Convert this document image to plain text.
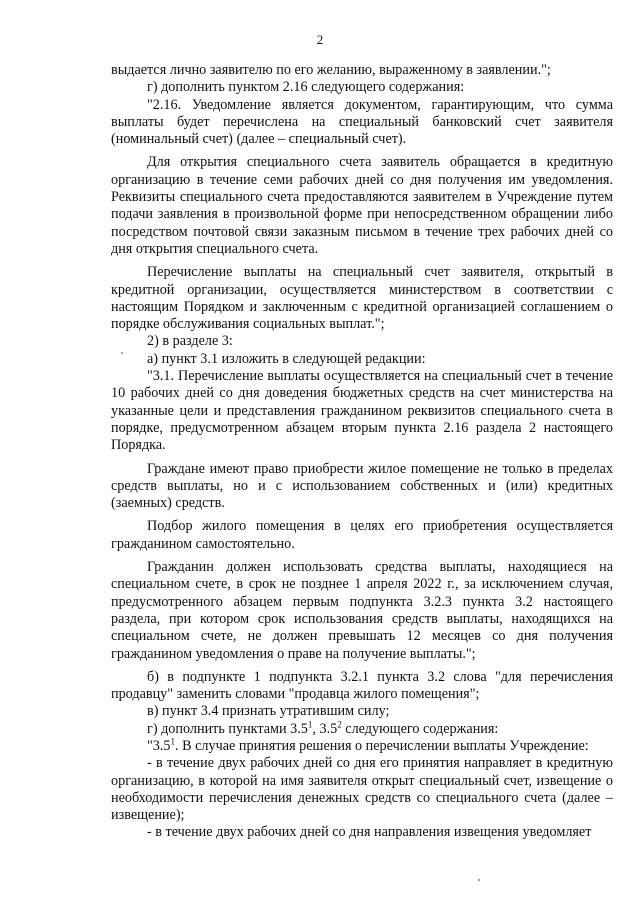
2

выдается лично заявителю по его желанию, выраженному в заявлении.";

г) дополнить пунктом 2.16 следующего содержания:

"2.16. Уведомление является документом, гарантирующим, что сумма выплаты будет перечислена на специальный банковский счет заявителя (номинальный счет) (далее – специальный счет).

Для открытия специального счета заявитель обращается в кредитную организацию в течение семи рабочих дней со дня получения им уведомления. Реквизиты специального счета предоставляются заявителем в Учреждение путем подачи заявления в произвольной форме при непосредственном обращении либо посредством почтовой связи заказным письмом в течение трех рабочих дней со дня открытия специального счета.

Перечисление выплаты на специальный счет заявителя, открытый в кредитной организации, осуществляется министерством в соответствии с настоящим Порядком и заключенным с кредитной организацией соглашением о порядке обслуживания социальных выплат.";

2) в разделе 3:

а) пункт 3.1 изложить в следующей редакции:

"3.1. Перечисление выплаты осуществляется на специальный счет в течение 10 рабочих дней со дня доведения бюджетных средств на счет министерства на указанные цели и представления гражданином реквизитов специального счета в порядке, предусмотренном абзацем вторым пункта 2.16 раздела 2 настоящего Порядка.

Граждане имеют право приобрести жилое помещение не только в пределах средств выплаты, но и с использованием собственных и (или) кредитных (заемных) средств.

Подбор жилого помещения в целях его приобретения осуществляется гражданином самостоятельно.

Гражданин должен использовать средства выплаты, находящиеся на специальном счете, в срок не позднее 1 апреля 2022 г., за исключением случая, предусмотренного абзацем первым подпункта 3.2.3 пункта 3.2 настоящего раздела, при котором срок использования средств выплаты, находящихся на специальном счете, не должен превышать 12 месяцев со дня получения гражданином уведомления о праве на получение выплаты.";

б) в подпункте 1 подпункта 3.2.1 пункта 3.2 слова "для перечисления продавцу" заменить словами "продавца жилого помещения";

в) пункт 3.4 признать утратившим силу;

г) дополнить пунктами $3.5^1$, $3.5^2$ следующего содержания:

"$3.5^1$. В случае принятия решения о перечислении выплаты Учреждение:

- в течение двух рабочих дней со дня его принятия направляет в кредитную организацию, в которой на имя заявителя открыт специальный счет, извещение о необходимости перечисления денежных средств со специального счета (далее – извещение);

- в течение двух рабочих дней со дня направления извещения уведомляет
